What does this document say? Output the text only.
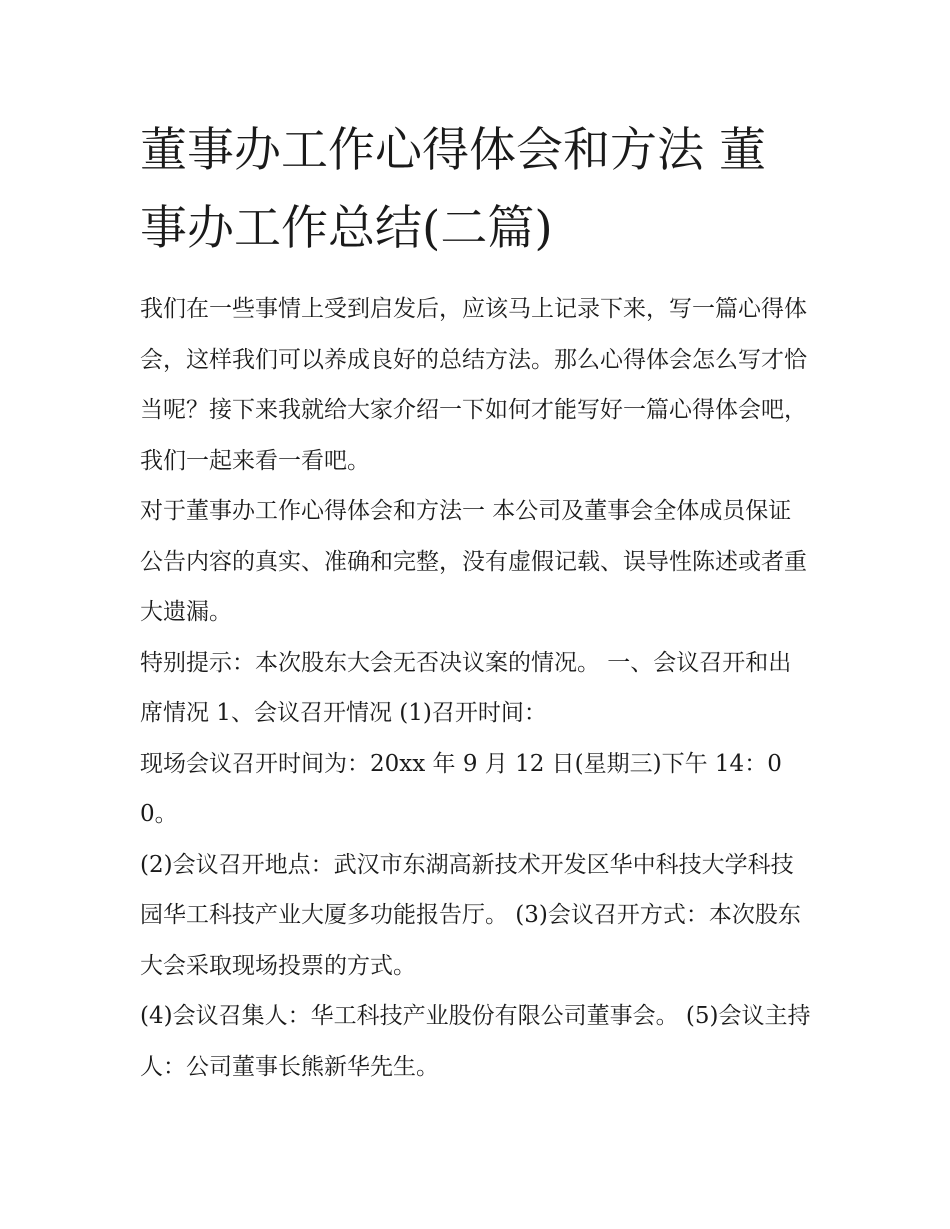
董事办工作心得体会和方法 董事办工作总结(二篇)

我们在一些事情上受到启发后，应该马上记录下来，写一篇心得体会，这样我们可以养成良好的总结方法。那么心得体会怎么写才恰当呢？接下来我就给大家介绍一下如何才能写好一篇心得体会吧，我们一起来看一看吧。

对于董事办工作心得体会和方法一 本公司及董事会全体成员保证公告内容的真实、准确和完整，没有虚假记载、误导性陈述或者重大遗漏。

特别提示：本次股东大会无否决议案的情况。 一、会议召开和出席情况 1、会议召开情况 (1)召开时间：

现场会议召开时间为：20xx 年 9 月 12 日(星期三)下午 14：00。

(2)会议召开地点：武汉市东湖高新技术开发区华中科技大学科技园华工科技产业大厦多功能报告厅。 (3)会议召开方式：本次股东大会采取现场投票的方式。

(4)会议召集人：华工科技产业股份有限公司董事会。 (5)会议主持人：公司董事长熊新华先生。
